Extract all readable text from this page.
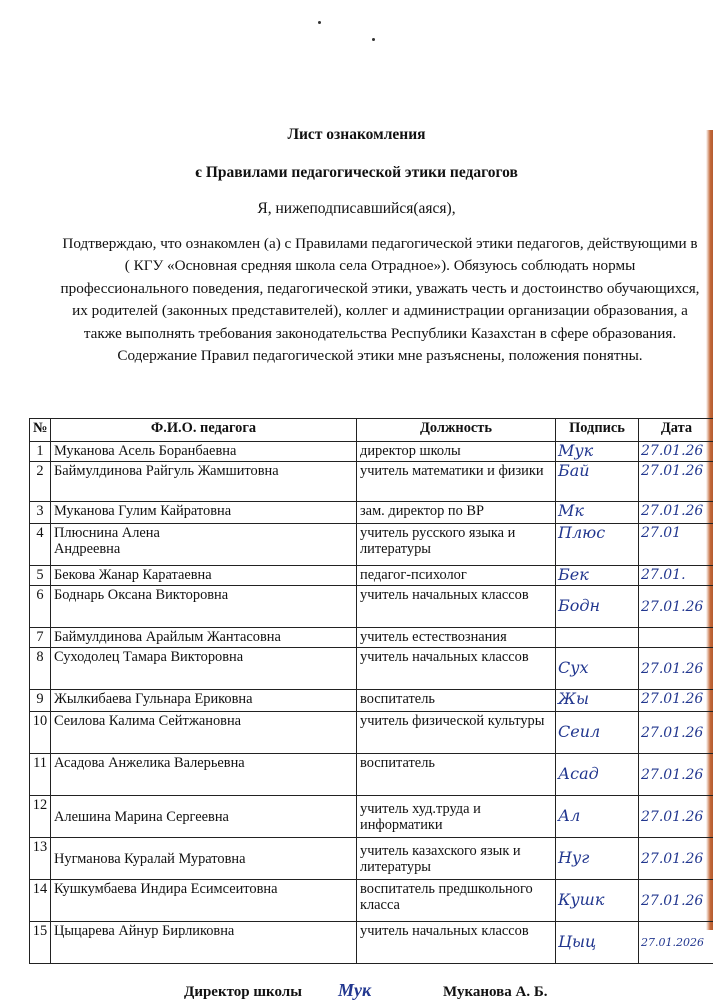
Лист ознакомления
с Правилами педагогической этики педагогов
Я, нижеподписавшийся(аяся),
Подтверждаю, что ознакомлен (а) с Правилами педагогической этики педагогов, действующими в ( КГУ «Основная средняя школа села Отрадное»). Обязуюсь соблюдать нормы профессионального поведения, педагогической этики, уважать честь и достоинство обучающихся, их родителей (законных представителей), коллег и администрации организации образования, а также выполнять требования законодательства Республики Казахстан в сфере образования. Содержание Правил педагогической этики мне разъяснены, положения понятны.
№	Ф.И.О. педагога	Должность	Подпись	Дата
1	Муканова Асель Боранбаевна	директор школы	Мук	27.01.26
2	Баймулдинова Райгуль Жамшитовна	учитель математики и физики	Бай	27.01.26
3	Муканова Гулим Кайратовна	зам. директор по ВР	Мк	27.01.26
4	Плюснина Алена Андреевна	учитель русского языка и литературы	Плюс	27.01
5	Бекова Жанар Каратаевна	педагог-психолог	Бек	27.01.
6	Боднарь Оксана Викторовна	учитель начальных классов	Бодн	27.01.26
7	Баймулдинова Арайлым Жантасовна	учитель естествознания		
8	Суходолец Тамара Викторовна	учитель начальных классов	Сух	27.01.26
9	Жылкибаева Гульнара Ериковна	воспитатель	Жы	27.01.26
10	Сеилова Калима Сейтжановна	учитель физической культуры	Сеил	27.01.26
11	Асадова Анжелика Валерьевна	воспитатель	Асад	27.01.26
12	Алешина Марина Сергеевна	учитель худ.труда и информатики	Ал	27.01.26
13	Нугманова Куралай Муратовна	учитель казахского язык и литературы	Нуг	27.01.26
14	Кушкумбаева Индира Есимсеитовна	воспитатель предшкольного класса	Кушк	27.01.26
15	Цыцарева Айнур Бирликовна	учитель начальных классов	Цыц	27.01.2026
Директор школы Мук	Муканова А. Б.
